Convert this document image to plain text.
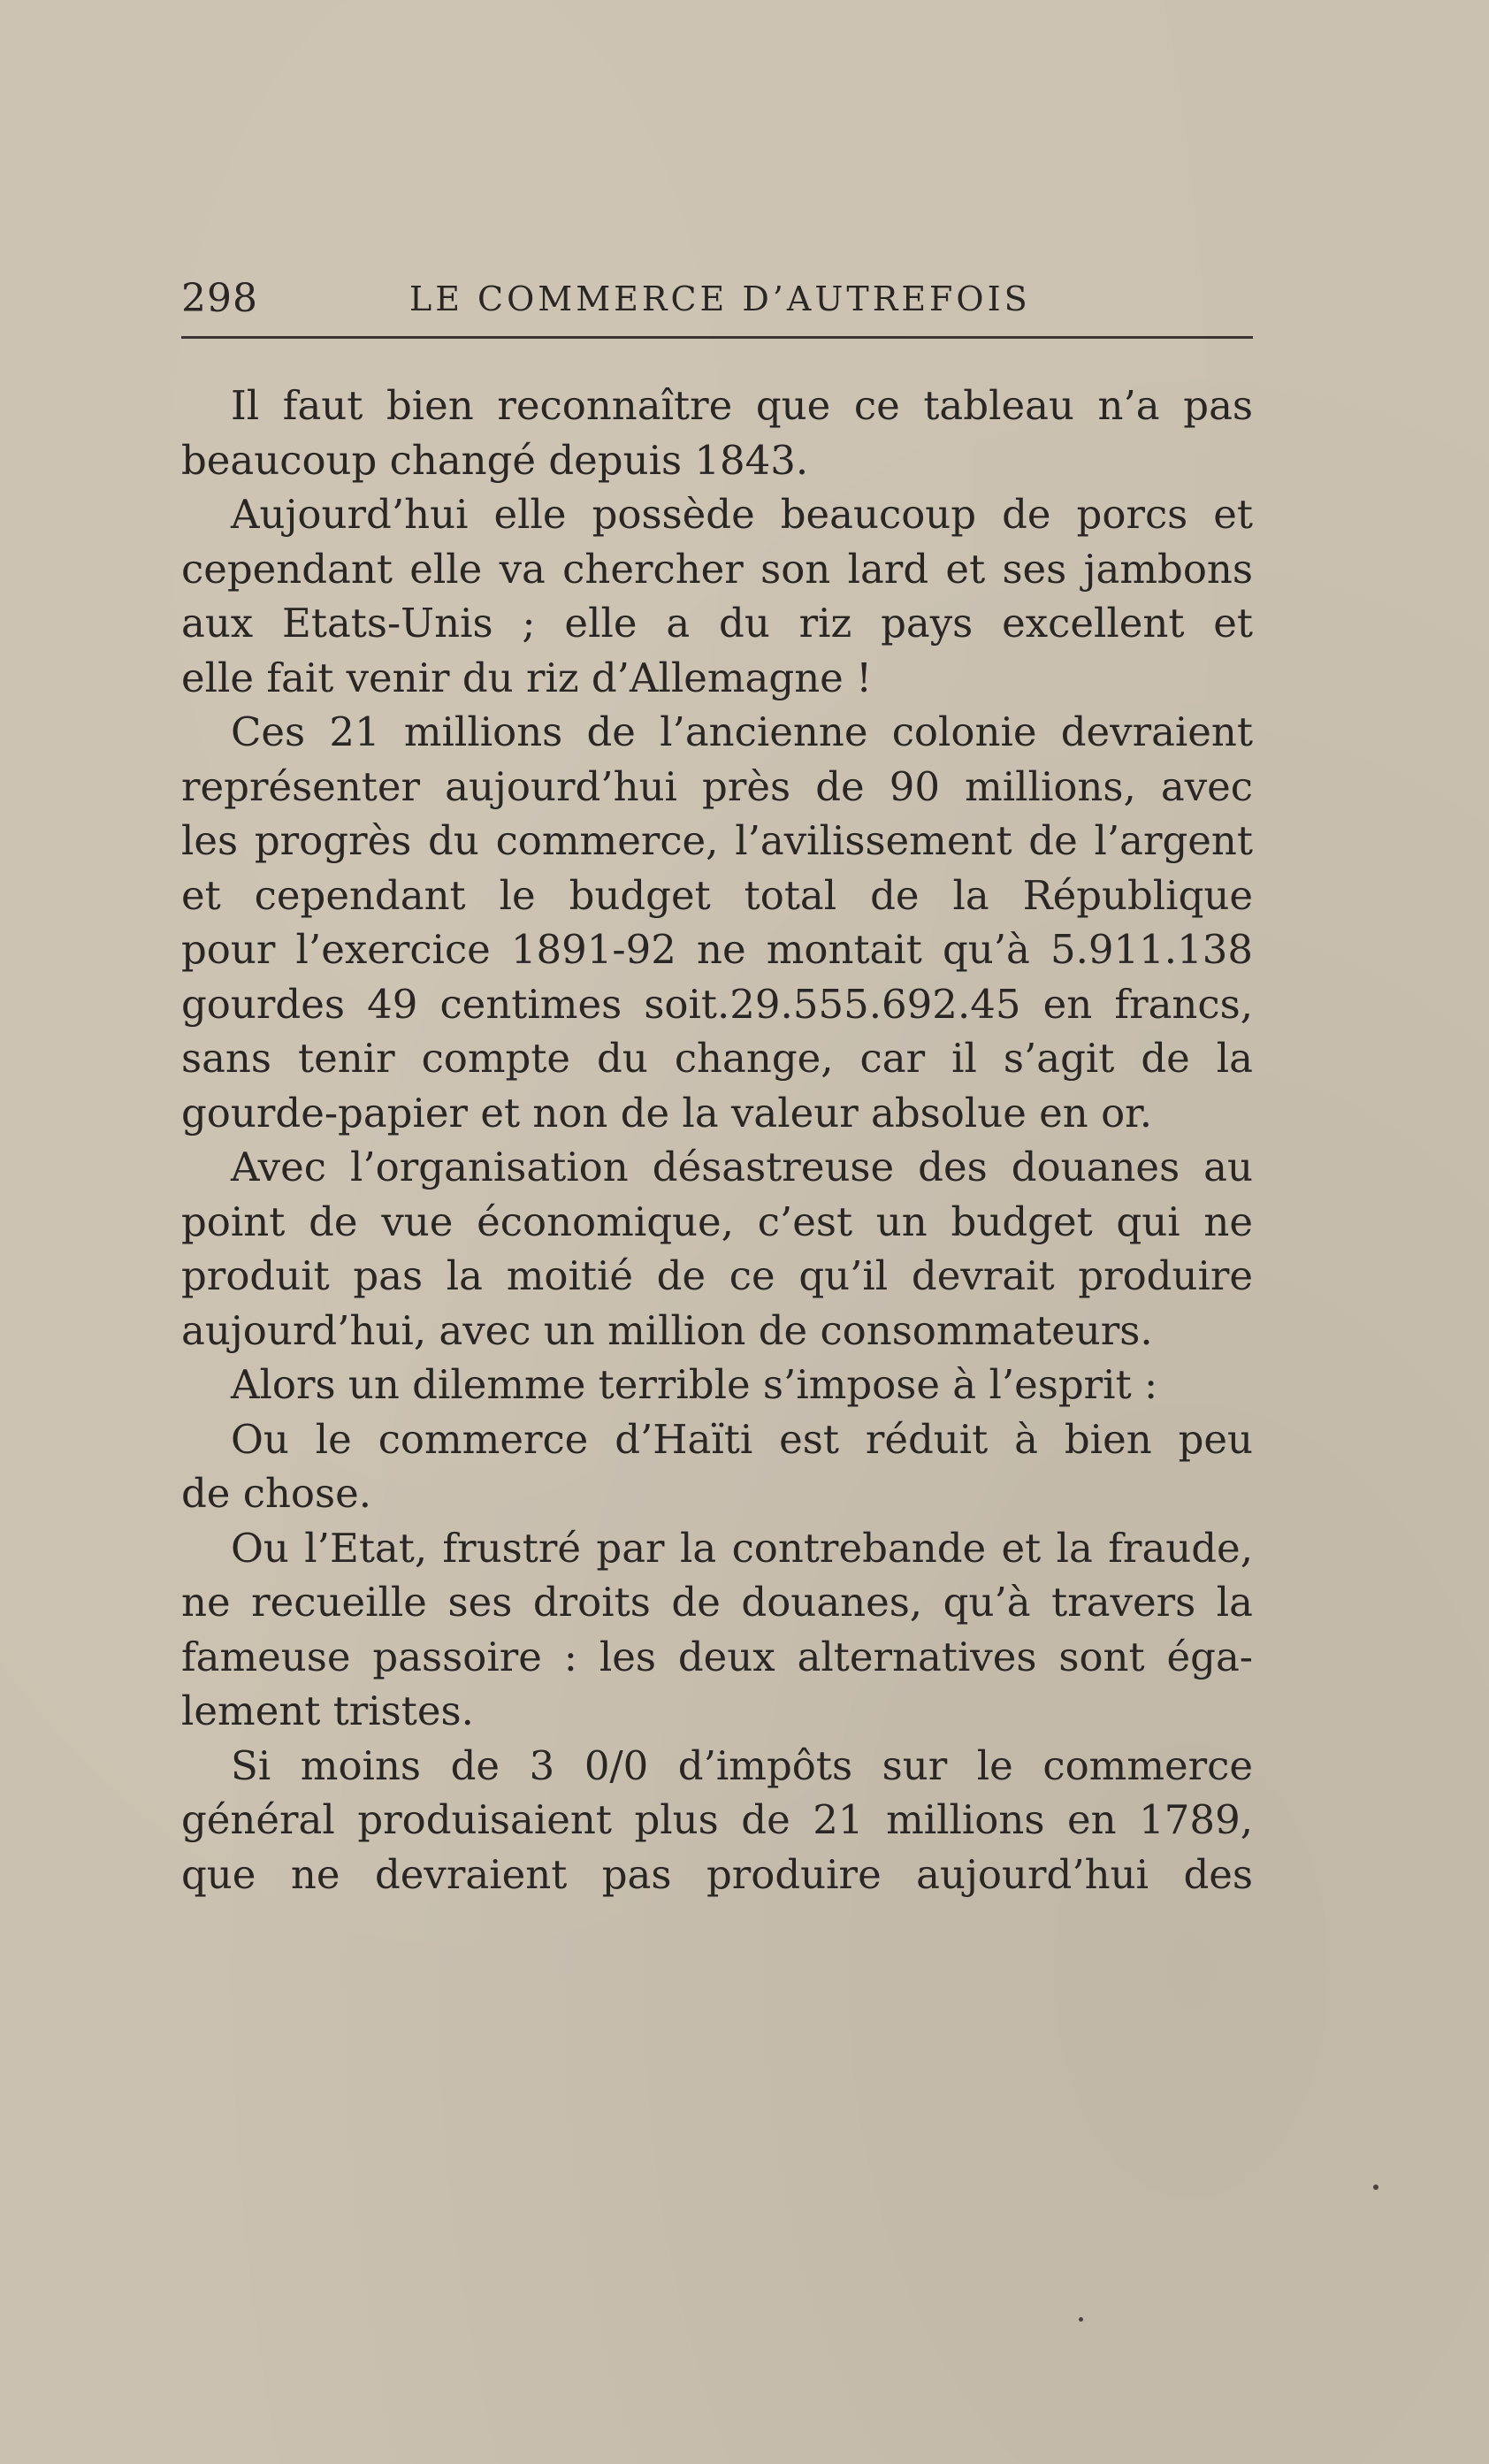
298	LE COMMERCE D’AUTREFOIS
Il faut bien reconnaître que ce tableau n’a pas
beaucoup changé depuis 1843.
Aujourd’hui elle possède beaucoup de porcs et
cependant elle va chercher son lard et ses jambons
aux Etats-Unis ; elle a du riz pays excellent et
elle fait venir du riz d’Allemagne !
Ces 21 millions de l’ancienne colonie devraient
représenter aujourd’hui près de 90 millions, avec
les progrès du commerce, l’avilissement de l’argent
et cependant le budget total de la République
pour l’exercice 1891-92 ne montait qu’à 5.911.138
gourdes 49 centimes soit.29.555.692.45 en francs,
sans tenir compte du change, car il s’agit de la
gourde-papier et non de la valeur absolue en or.
Avec l’organisation désastreuse des douanes au
point de vue économique, c’est un budget qui ne
produit pas la moitié de ce qu’il devrait produire
aujourd’hui, avec un million de consommateurs.
Alors un dilemme terrible s’impose à l’esprit :
Ou le commerce d’Haïti est réduit à bien peu
de chose.
Ou l’Etat, frustré par la contrebande et la fraude,
ne recueille ses droits de douanes, qu’à travers la
fameuse passoire : les deux alternatives sont éga-
lement tristes.
Si moins de 3 0/0 d’impôts sur le commerce
général produisaient plus de 21 millions en 1789,
que ne devraient pas produire aujourd’hui des
